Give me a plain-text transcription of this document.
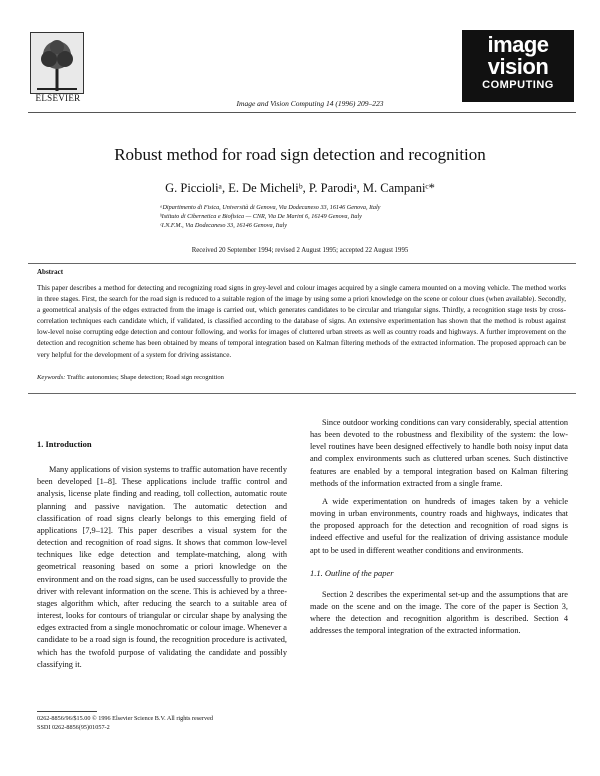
ELSEVIER
Image and Vision Computing 14 (1996) 209–223
image
vision
COMPUTING
Robust method for road sign detection and recognition
G. Piccioliᵃ, E. De Micheliᵇ, P. Parodiᵃ, M. Campaniᶜ*
ᵃDipartimento di Fisica, Università di Genova, Via Dodecaneso 33, 16146 Genova, Italy
ᵇIstituto di Cibernetica e Biofisica — CNR, Via De Marini 6, 16149 Genova, Italy
ᶜI.N.F.M., Via Dodecaneso 33, 16146 Genova, Italy
Received 20 September 1994; revised 2 August 1995; accepted 22 August 1995
Abstract
This paper describes a method for detecting and recognizing road signs in grey-level and colour images acquired by a single camera mounted on a moving vehicle. The method works in three stages. First, the search for the road sign is reduced to a suitable region of the image by using some a priori knowledge on the scene or colour clues (when available). Secondly, a geometrical analysis of the edges extracted from the image is carried out, which generates candidates to be circular and triangular signs. Thirdly, a recognition stage tests by cross-correlation techniques each candidate which, if validated, is classified according to the database of signs. An extensive experimentation has shown that the method is robust against low-level noise corrupting edge detection and contour following, and works for images of cluttered urban streets as well as country roads and highways. A further improvement on the detection and recognition scheme has been obtained by means of temporal integration based on Kalman filtering methods of the extracted information. The proposed approach can be very helpful for the development of a system for driving assistance.
Keywords: Traffic autonomies; Shape detection; Road sign recognition

1. Introduction

Many applications of vision systems to traffic automation have recently been developed [1–8]. These applications include traffic control and analysis, license plate finding and reading, toll collection, automatic route planning and passive navigation. The automatic detection and classification of road signs clearly belongs to this emerging field of applications [7,9–12]. This paper describes a visual system for the detection and recognition of road signs. It shows that common low-level techniques like edge detection and template-matching, along with geometrical reasoning based on some a priori knowledge on the environment and on the road signs, can be used successfully to provide the driver with relevant information on the scene. This is achieved by a three-stages algorithm which, after reducing the search to a suitable area of interest, looks for contours of triangular or circular shape by analysing the edges extracted from a single monochromatic or colour image. Whenever a candidate to be a road sign is found, the recognition procedure is activated, which has the twofold purpose of validating the candidate and possibly classifying it.

Since outdoor working conditions can vary considerably, special attention has been devoted to the robustness and flexibility of the system: the low-level routines have been designed effectively to handle both noisy input data and complex environments such as cluttered urban scenes. Such distinctive features are enabled by a temporal integration based on Kalman filtering methods of the information extracted from a single frame.

A wide experimentation on hundreds of images taken by a vehicle moving in urban environments, country roads and highways, indicates that the proposed approach for the detection and recognition of road signs is indeed effective and useful for the realization of driving assistance module apt to be used in different weather conditions and environments.

1.1. Outline of the paper

Section 2 describes the experimental set-up and the assumptions that are made on the scene and on the image. The core of the paper is Section 3, where the detection and recognition algorithm is described. Section 4 addresses the temporal integration of the extracted information.

0262-8856/96/$15.00 © 1996 Elsevier Science B.V. All rights reserved
SSDI 0262-8856(95)01057-2
